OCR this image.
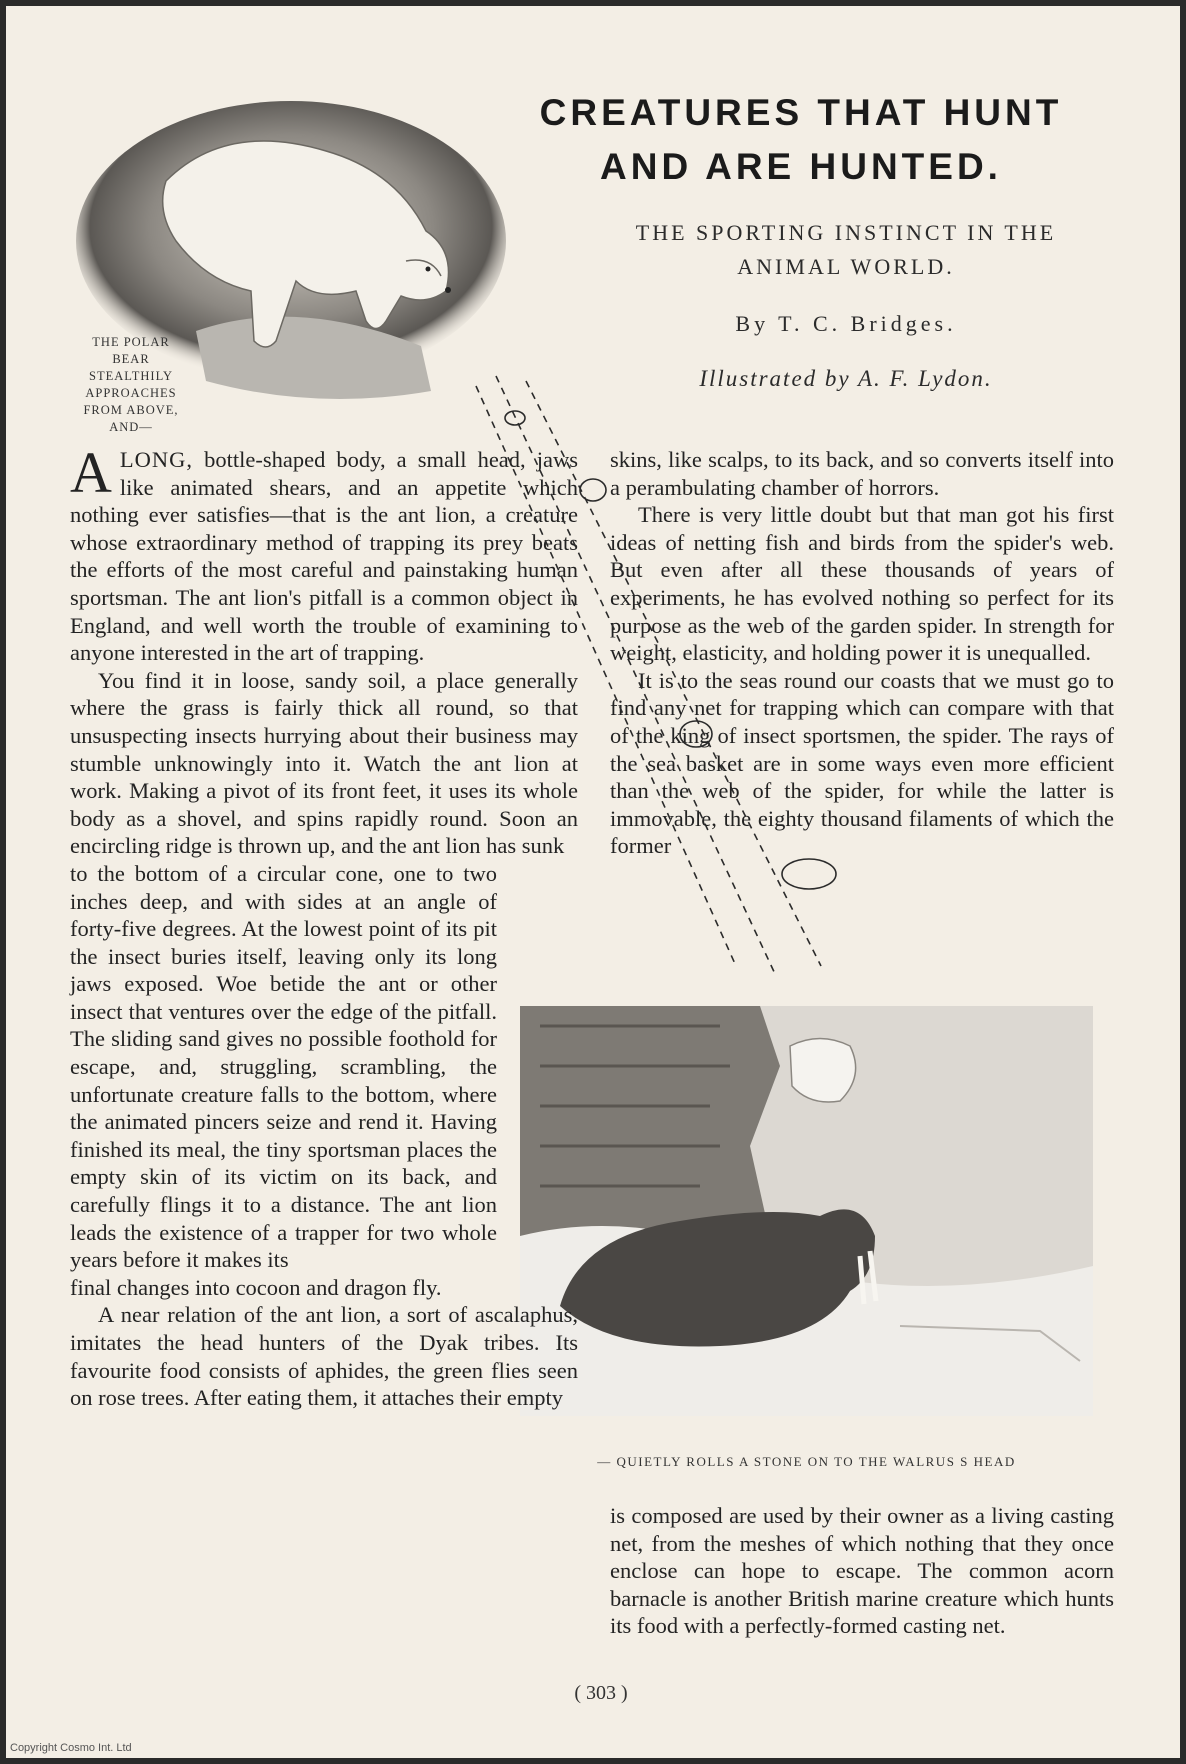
CREATURES THAT HUNT
AND ARE HUNTED.
THE SPORTING INSTINCT IN THE
ANIMAL WORLD.
By T. C. Bridges.
Illustrated by A. F. Lydon.
THE POLAR
BEAR
STEALTHILY
APPROACHES
FROM ABOVE,
AND—
— QUIETLY ROLLS A STONE ON TO THE WALRUS S HEAD

ALONG, bottle-shaped body, a small head, jaws like animated shears, and an appetite which nothing ever satisfies—that is the ant lion, a creature whose extraordinary method of trapping its prey beats the efforts of the most careful and painstaking human sportsman. The ant lion's pitfall is a common object in England, and well worth the trouble of examining to anyone interested in the art of trapping.

You find it in loose, sandy soil, a place generally where the grass is fairly thick all round, so that unsuspecting insects hurrying about their business may stumble unknowingly into it. Watch the ant lion at work. Making a pivot of its front feet, it uses its whole body as a shovel, and spins rapidly round. Soon an encircling ridge is thrown up, and the ant lion has sunk

to the bottom of a circular cone, one to two inches deep, and with sides at an angle of forty-five degrees. At the lowest point of its pit the insect buries itself, leaving only its long jaws exposed. Woe betide the ant or other insect that ventures over the edge of the pitfall. The sliding sand gives no possible foothold for escape, and, struggling, scrambling, the unfortunate creature falls to the bottom, where the animated pincers seize and rend it. Having finished its meal, the tiny sportsman places the empty skin of its victim on its back, and carefully flings it to a distance. The ant lion leads the existence of a trapper for two whole years before it makes its

final changes into cocoon and dragon fly.

A near relation of the ant lion, a sort of ascalaphus, imitates the head hunters of the Dyak tribes. Its favourite food consists of aphides, the green flies seen on rose trees. After eating them, it attaches their empty

skins, like scalps, to its back, and so converts itself into a perambulating chamber of horrors.

There is very little doubt but that man got his first ideas of netting fish and birds from the spider's web. But even after all these thousands of years of experiments, he has evolved nothing so perfect for its purpose as the web of the garden spider. In strength for weight, elasticity, and holding power it is unequalled.

It is to the seas round our coasts that we must go to find any net for trapping which can compare with that of the king of insect sportsmen, the spider. The rays of the sea basket are in some ways even more efficient than the web of the spider, for while the latter is immovable, the eighty thousand filaments of which the former

is composed are used by their owner as a living casting net, from the meshes of which nothing that they once enclose can hope to escape. The common acorn barnacle is another British marine creature which hunts its food with a perfectly-formed casting net.

( 303 )
Copyright Cosmo Int. Ltd
